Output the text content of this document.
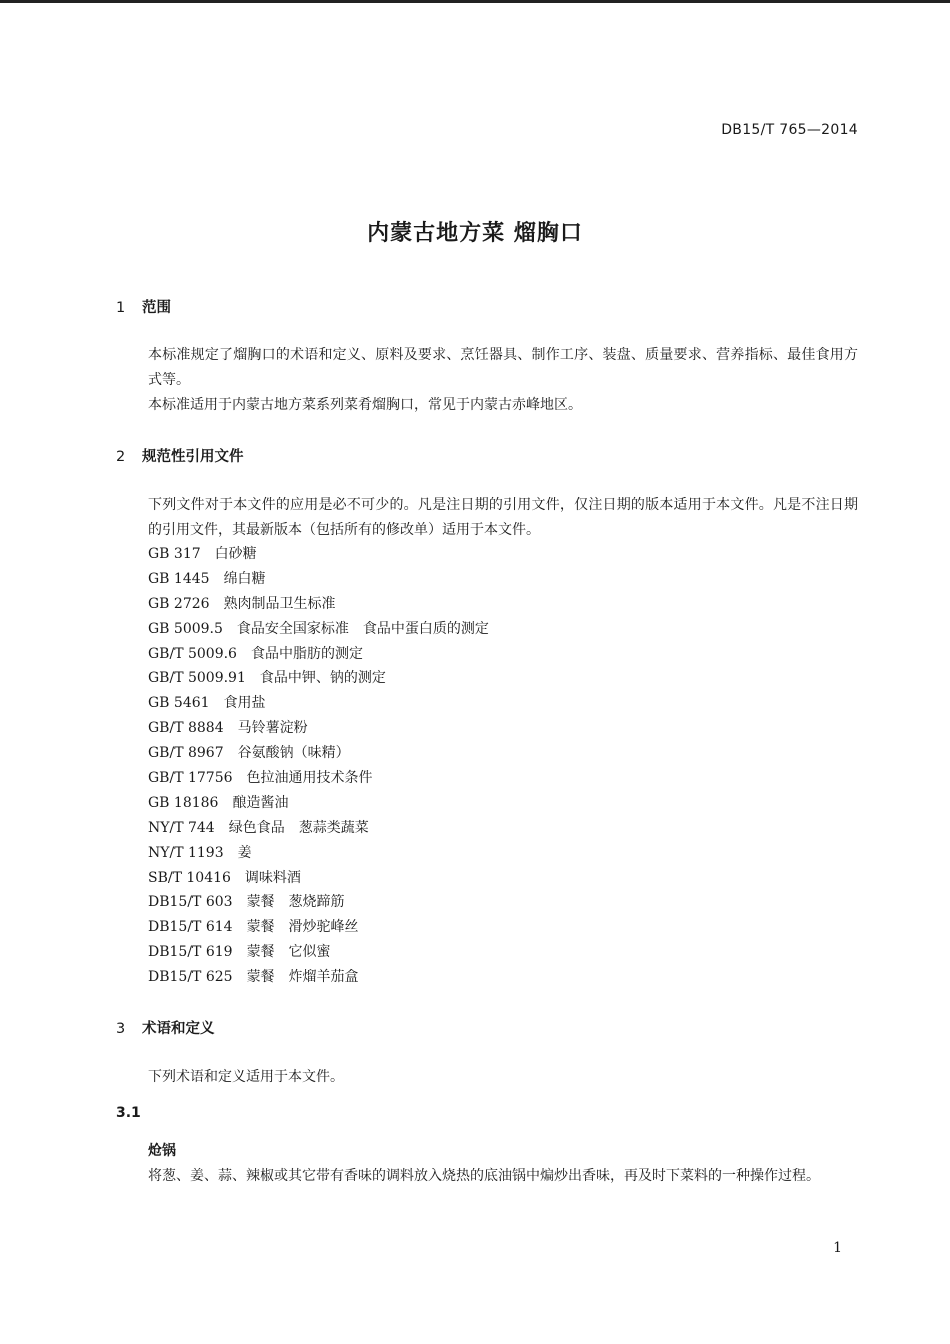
DB15/T 765—2014
内蒙古地方菜 熘胸口
1 范围
本标准规定了熘胸口的术语和定义、原料及要求、烹饪器具、制作工序、装盘、质量要求、营养指标、最佳食用方式等。
本标准适用于内蒙古地方菜系列菜肴熘胸口，常见于内蒙古赤峰地区。
2 规范性引用文件
下列文件对于本文件的应用是必不可少的。凡是注日期的引用文件，仅注日期的版本适用于本文件。凡是不注日期的引用文件，其最新版本（包括所有的修改单）适用于本文件。
GB 317 白砂糖
GB 1445 绵白糖
GB 2726 熟肉制品卫生标准
GB 5009.5 食品安全国家标准　食品中蛋白质的测定
GB/T 5009.6 食品中脂肪的测定
GB/T 5009.91 食品中钾、钠的测定
GB 5461 食用盐
GB/T 8884 马铃薯淀粉
GB/T 8967 谷氨酸钠（味精）
GB/T 17756 色拉油通用技术条件
GB 18186 酿造酱油
NY/T 744 绿色食品　葱蒜类蔬菜
NY/T 1193 姜
SB/T 10416 调味料酒
DB15/T 603 蒙餐　葱烧蹄筋
DB15/T 614 蒙餐　滑炒驼峰丝
DB15/T 619 蒙餐　它似蜜
DB15/T 625 蒙餐　炸熘羊茄盒
3 术语和定义
下列术语和定义适用于本文件。
3.1
炝锅
将葱、姜、蒜、辣椒或其它带有香味的调料放入烧热的底油锅中煸炒出香味，再及时下菜料的一种操作过程。
1
